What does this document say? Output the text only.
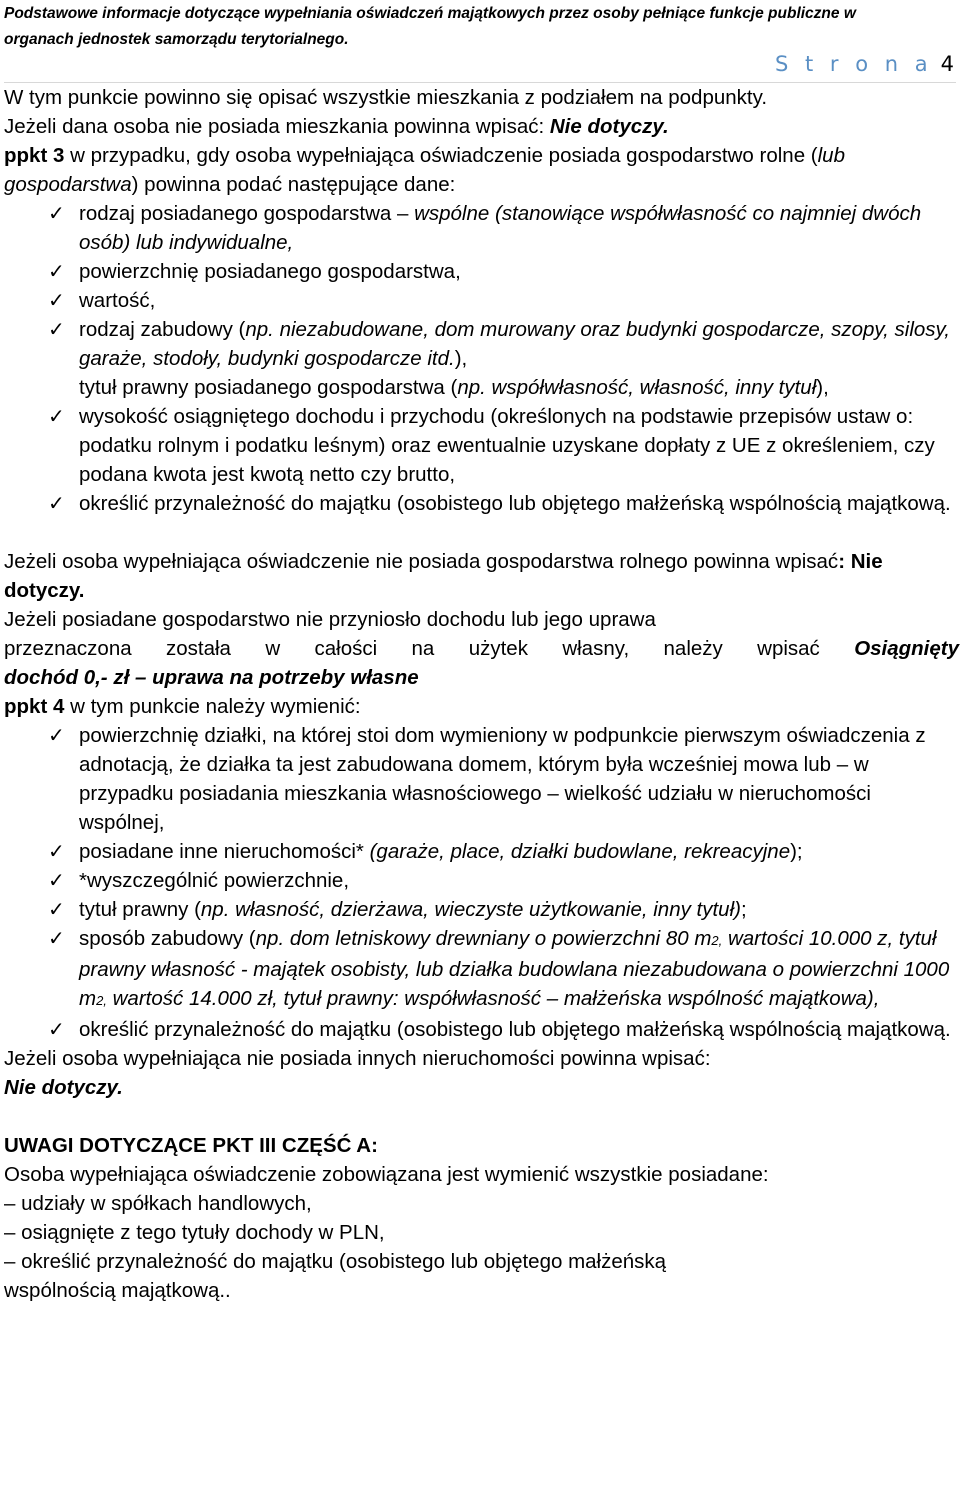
Podstawowe informacje dotyczące wypełniania oświadczeń majątkowych przez osoby pełniące funkcje publiczne w
organach jednostek samorządu terytorialnego.
S t r o n a 4

W tym punkcie powinno się opisać wszystkie mieszkania z podziałem na podpunkty.

Jeżeli dana osoba nie posiada mieszkania powinna wpisać: Nie dotyczy.

ppkt 3 w przypadku, gdy osoba wypełniająca oświadczenie posiada gospodarstwo rolne (lub gospodarstwa) powinna podać następujące dane:

✓ rodzaj posiadanego gospodarstwa – wspólne (stanowiące współwłasność co najmniej dwóch osób) lub indywidualne,
✓ powierzchnię posiadanego gospodarstwa,
✓ wartość,
✓ rodzaj zabudowy (np. niezabudowane, dom murowany oraz budynki gospodarcze, szopy, silosy, garaże, stodoły, budynki gospodarcze itd.),
tytuł prawny posiadanego gospodarstwa (np. współwłasność, własność, inny tytuł),
✓ wysokość osiągniętego dochodu i przychodu (określonych na podstawie przepisów ustaw o: podatku rolnym i podatku leśnym) oraz ewentualnie uzyskane dopłaty z UE z określeniem, czy podana kwota jest kwotą netto czy brutto,
✓ określić przynależność do majątku (osobistego lub objętego małżeńską wspólnością majątkową.

Jeżeli osoba wypełniająca oświadczenie nie posiada gospodarstwa rolnego powinna wpisać: Nie dotyczy.

Jeżeli posiadane gospodarstwo nie przyniosło dochodu lub jego uprawa

przeznaczona została w całości na użytek własny, należy wpisać Osiągnięty

dochód 0,- zł – uprawa na potrzeby własne

ppkt 4 w tym punkcie należy wymienić:

✓ powierzchnię działki, na której stoi dom wymieniony w podpunkcie pierwszym oświadczenia z adnotacją, że działka ta jest zabudowana domem, którym była wcześniej mowa lub – w przypadku posiadania mieszkania własnościowego – wielkość udziału w nieruchomości wspólnej,
✓ posiadane inne nieruchomości* (garaże, place, działki budowlane, rekreacyjne);
✓ *wyszczególnić powierzchnie,
✓ tytuł prawny (np. własność, dzierżawa, wieczyste użytkowanie, inny tytuł);
✓ sposób zabudowy (np. dom letniskowy drewniany o powierzchni 80 m2, wartości 10.000 z, tytuł prawny własność - majątek osobisty, lub działka budowlana niezabudowana o powierzchni 1000 m2, wartość 14.000 zł, tytuł prawny: współwłasność – małżeńska wspólność majątkowa),
✓ określić przynależność do majątku (osobistego lub objętego małżeńską wspólnością majątkową.

Jeżeli osoba wypełniająca nie posiada innych nieruchomości powinna wpisać:

Nie dotyczy.

UWAGI DOTYCZĄCE PKT III CZĘŚĆ A:

Osoba wypełniająca oświadczenie zobowiązana jest wymienić wszystkie posiadane:

– udziały w spółkach handlowych,

– osiągnięte z tego tytuły dochody w PLN,

– określić przynależność do majątku (osobistego lub objętego małżeńską

wspólnością majątkową..
